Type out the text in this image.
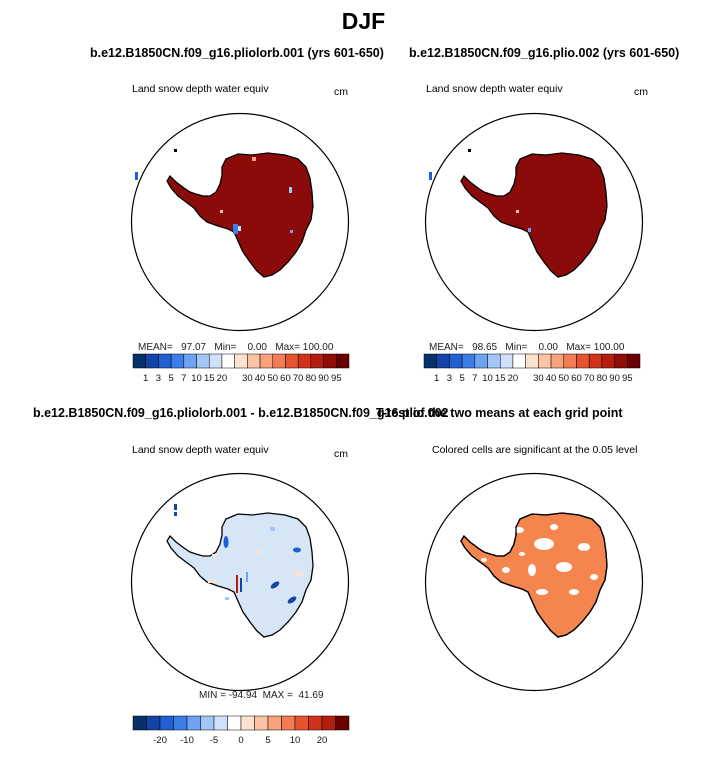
DJF
b.e12.B1850CN.f09_g16.pliolorb.001 (yrs 601-650)
Land snow depth water equiv	cm
MEAN=   97.07   Min=    0.00   Max= 100.00
1 3 5 7 10 15 20 30 40 50 60 70 80 90 95
b.e12.B1850CN.f09_g16.plio.002 (yrs 601-650)
Land snow depth water equiv	cm
MEAN=   98.65   Min=    0.00   Max= 100.00
1 3 5 7 10 15 20 30 40 50 60 70 80 90 95
b.e12.B1850CN.f09_g16.pliolorb.001 - b.e12.B1850CN.f09_g16.plio.002
Land snow depth water equiv	cm
MIN = -94.94  MAX =  41.69
-20 -10 -5 0 5 10 20
T-test of the two means at each grid point
Colored cells are significant at the 0.05 level
